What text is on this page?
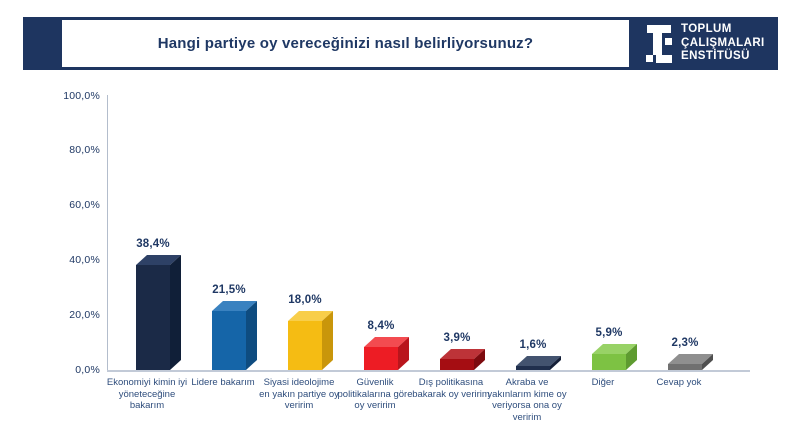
Hangi partiye oy vereceğinizi nasıl belirliyorsunuz?
TOPLUM
ÇALIŞMALARI
ENSTİTÜSÜ
0,0%
20,0%
40,0%
60,0%
80,0%
100,0%
38,4%
21,5%
18,0%
8,4%
3,9%
1,6%
5,9%
2,3%
Ekonomiyi kimin iyi yöneteceğine bakarım
Lidere bakarım Siyasi ideolojime en yakın partiye oy veririm
Güvenlik politikalarına göre oy veririm
Dış politikasına bakarak oy veririm
Akraba ve yakınlarım kime oy veriyorsa ona oy veririm
Diğer	Cevap yok
